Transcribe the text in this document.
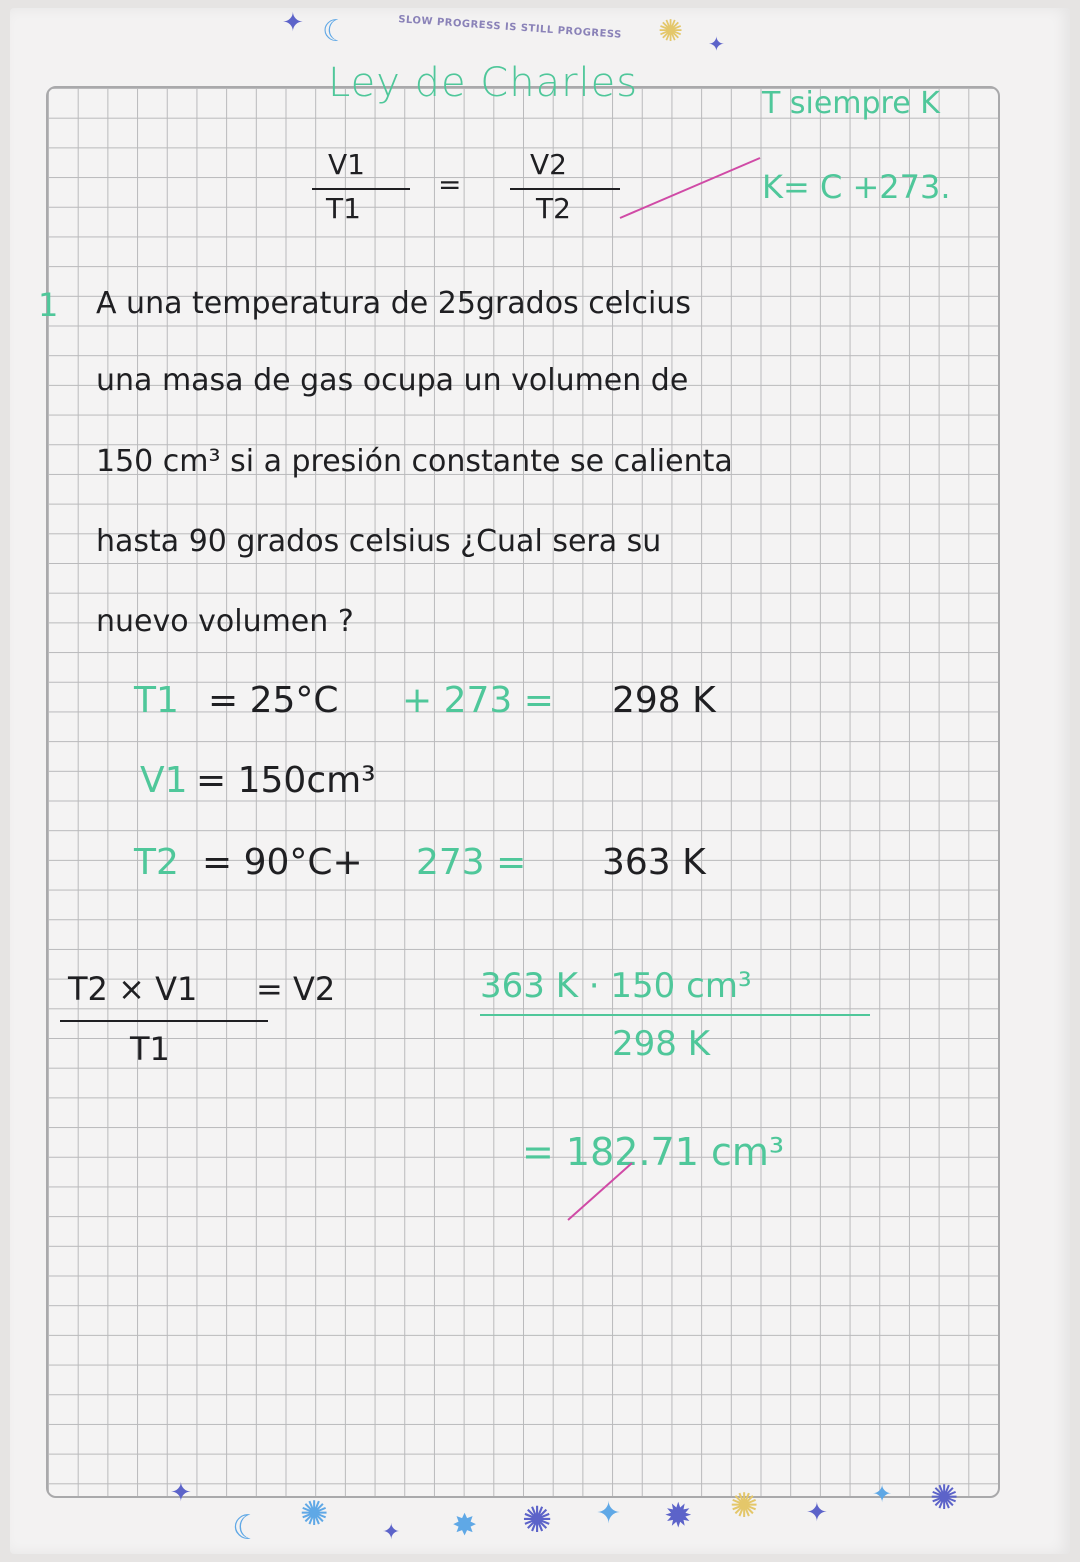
✦ ☾	SLOW PROGRESS IS STILL PROGRESS	✺ ✦
Ley de Charles
V1
T1
=
V2
T2
T siempre K
K= C +273.
1 A una temperatura de 25grados celcius
una masa de gas ocupa un volumen de
150 cm³ si a presión constante se calienta
hasta 90 grados celsius ¿Cual sera su
nuevo volumen ?
T1 = 25°C + 273 = 298 K
V1 = 150cm³
T2 = 90°C+ 273 = 363 K
T2 × V1 = V2
T1
363 K · 150 cm³
298 K
= 182.71 cm³
✦
☾ ✺ ✦ ✸ ✺ ✦ ✹ ✺ ✦
✦ ✺
